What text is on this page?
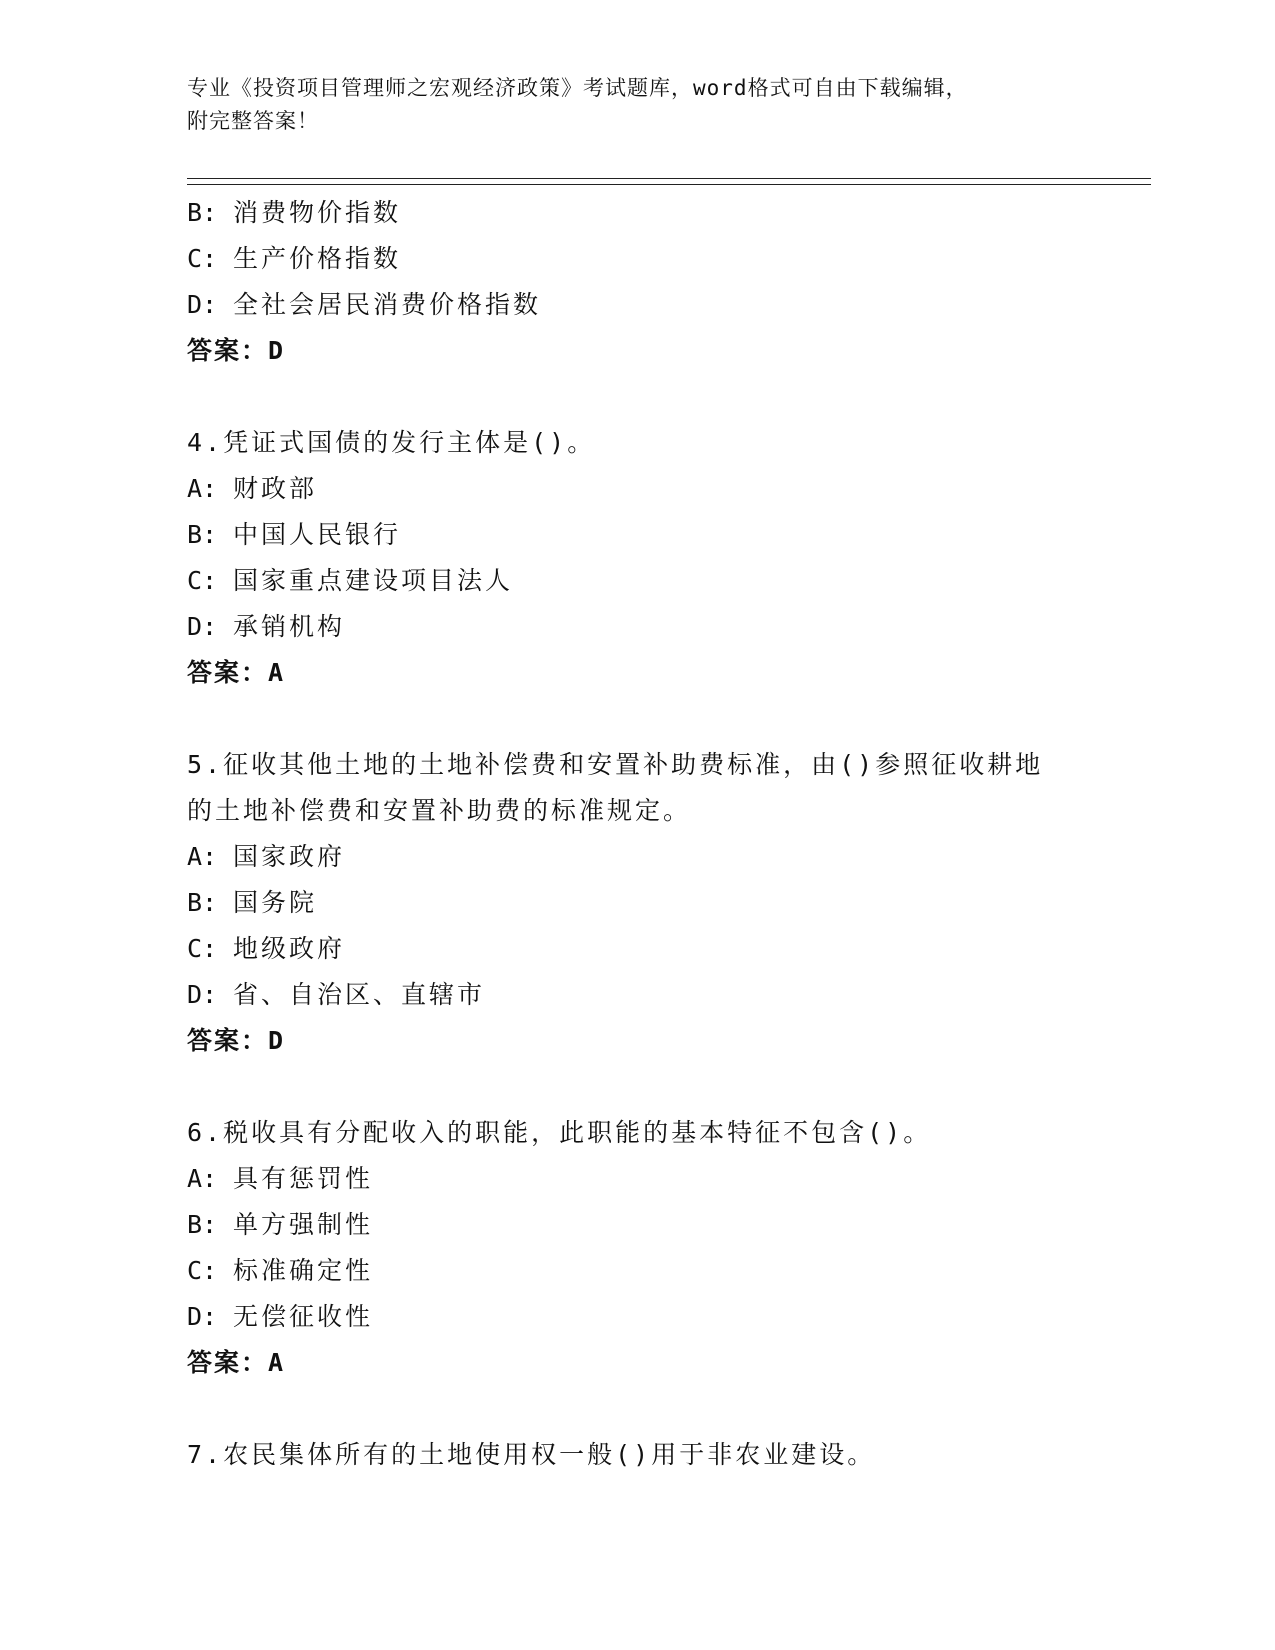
专业《投资项目管理师之宏观经济政策》考试题库，word格式可自由下载编辑，
附完整答案！
B: 消费物价指数
C: 生产价格指数
D: 全社会居民消费价格指数
答案：D
4.凭证式国债的发行主体是()。
A: 财政部
B: 中国人民银行
C: 国家重点建设项目法人
D: 承销机构
答案：A
5.征收其他土地的土地补偿费和安置补助费标准，由()参照征收耕地
的土地补偿费和安置补助费的标准规定。
A: 国家政府
B: 国务院
C: 地级政府
D: 省、自治区、直辖市
答案：D
6.税收具有分配收入的职能，此职能的基本特征不包含()。
A: 具有惩罚性
B: 单方强制性
C: 标准确定性
D: 无偿征收性
答案：A
7.农民集体所有的土地使用权一般()用于非农业建设。
